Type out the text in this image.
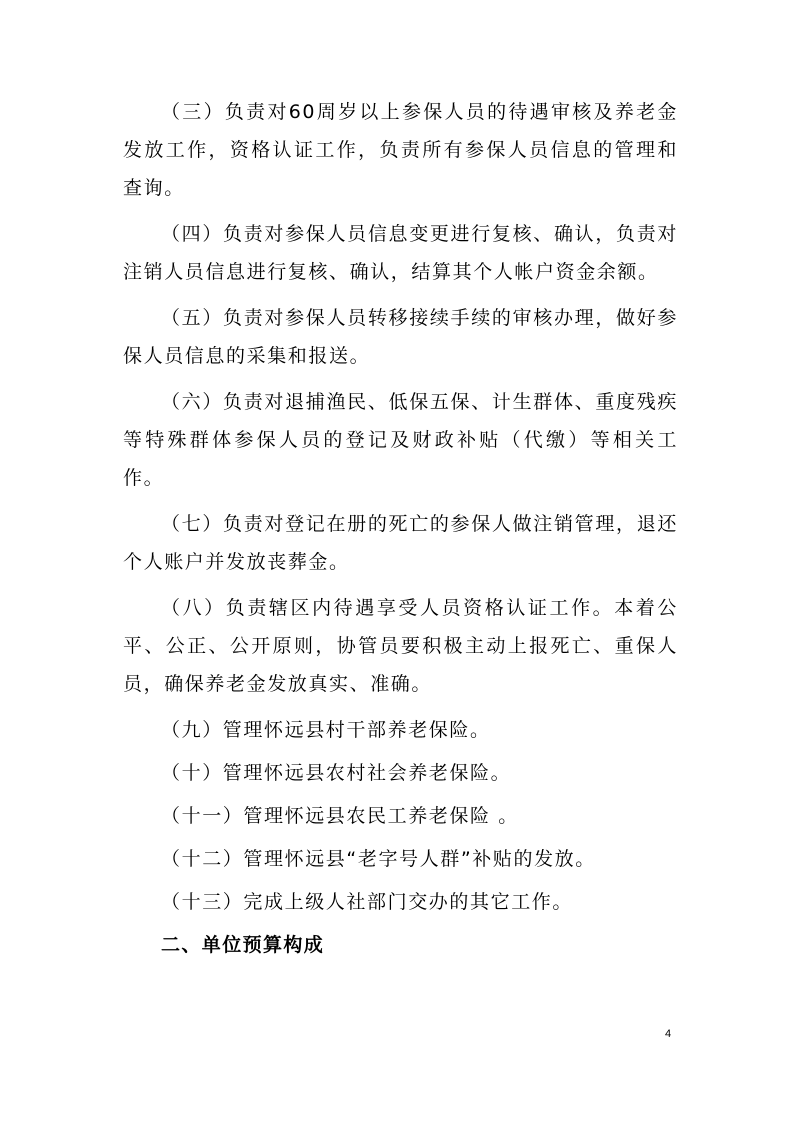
（三）负责对60周岁以上参保人员的待遇审核及养老金发放工作，资格认证工作，负责所有参保人员信息的管理和查询。

（四）负责对参保人员信息变更进行复核、确认，负责对注销人员信息进行复核、确认，结算其个人帐户资金余额。

（五）负责对参保人员转移接续手续的审核办理，做好参保人员信息的采集和报送。

（六）负责对退捕渔民、低保五保、计生群体、重度残疾等特殊群体参保人员的登记及财政补贴（代缴）等相关工作。

（七）负责对登记在册的死亡的参保人做注销管理，退还个人账户并发放丧葬金。

（八）负责辖区内待遇享受人员资格认证工作。本着公平、公正、公开原则，协管员要积极主动上报死亡、重保人员，确保养老金发放真实、准确。

（九）管理怀远县村干部养老保险。

（十）管理怀远县农村社会养老保险。

（十一）管理怀远县农民工养老保险 。

（十二）管理怀远县“老字号人群”补贴的发放。

（十三）完成上级人社部门交办的其它工作。

二、单位预算构成
4
